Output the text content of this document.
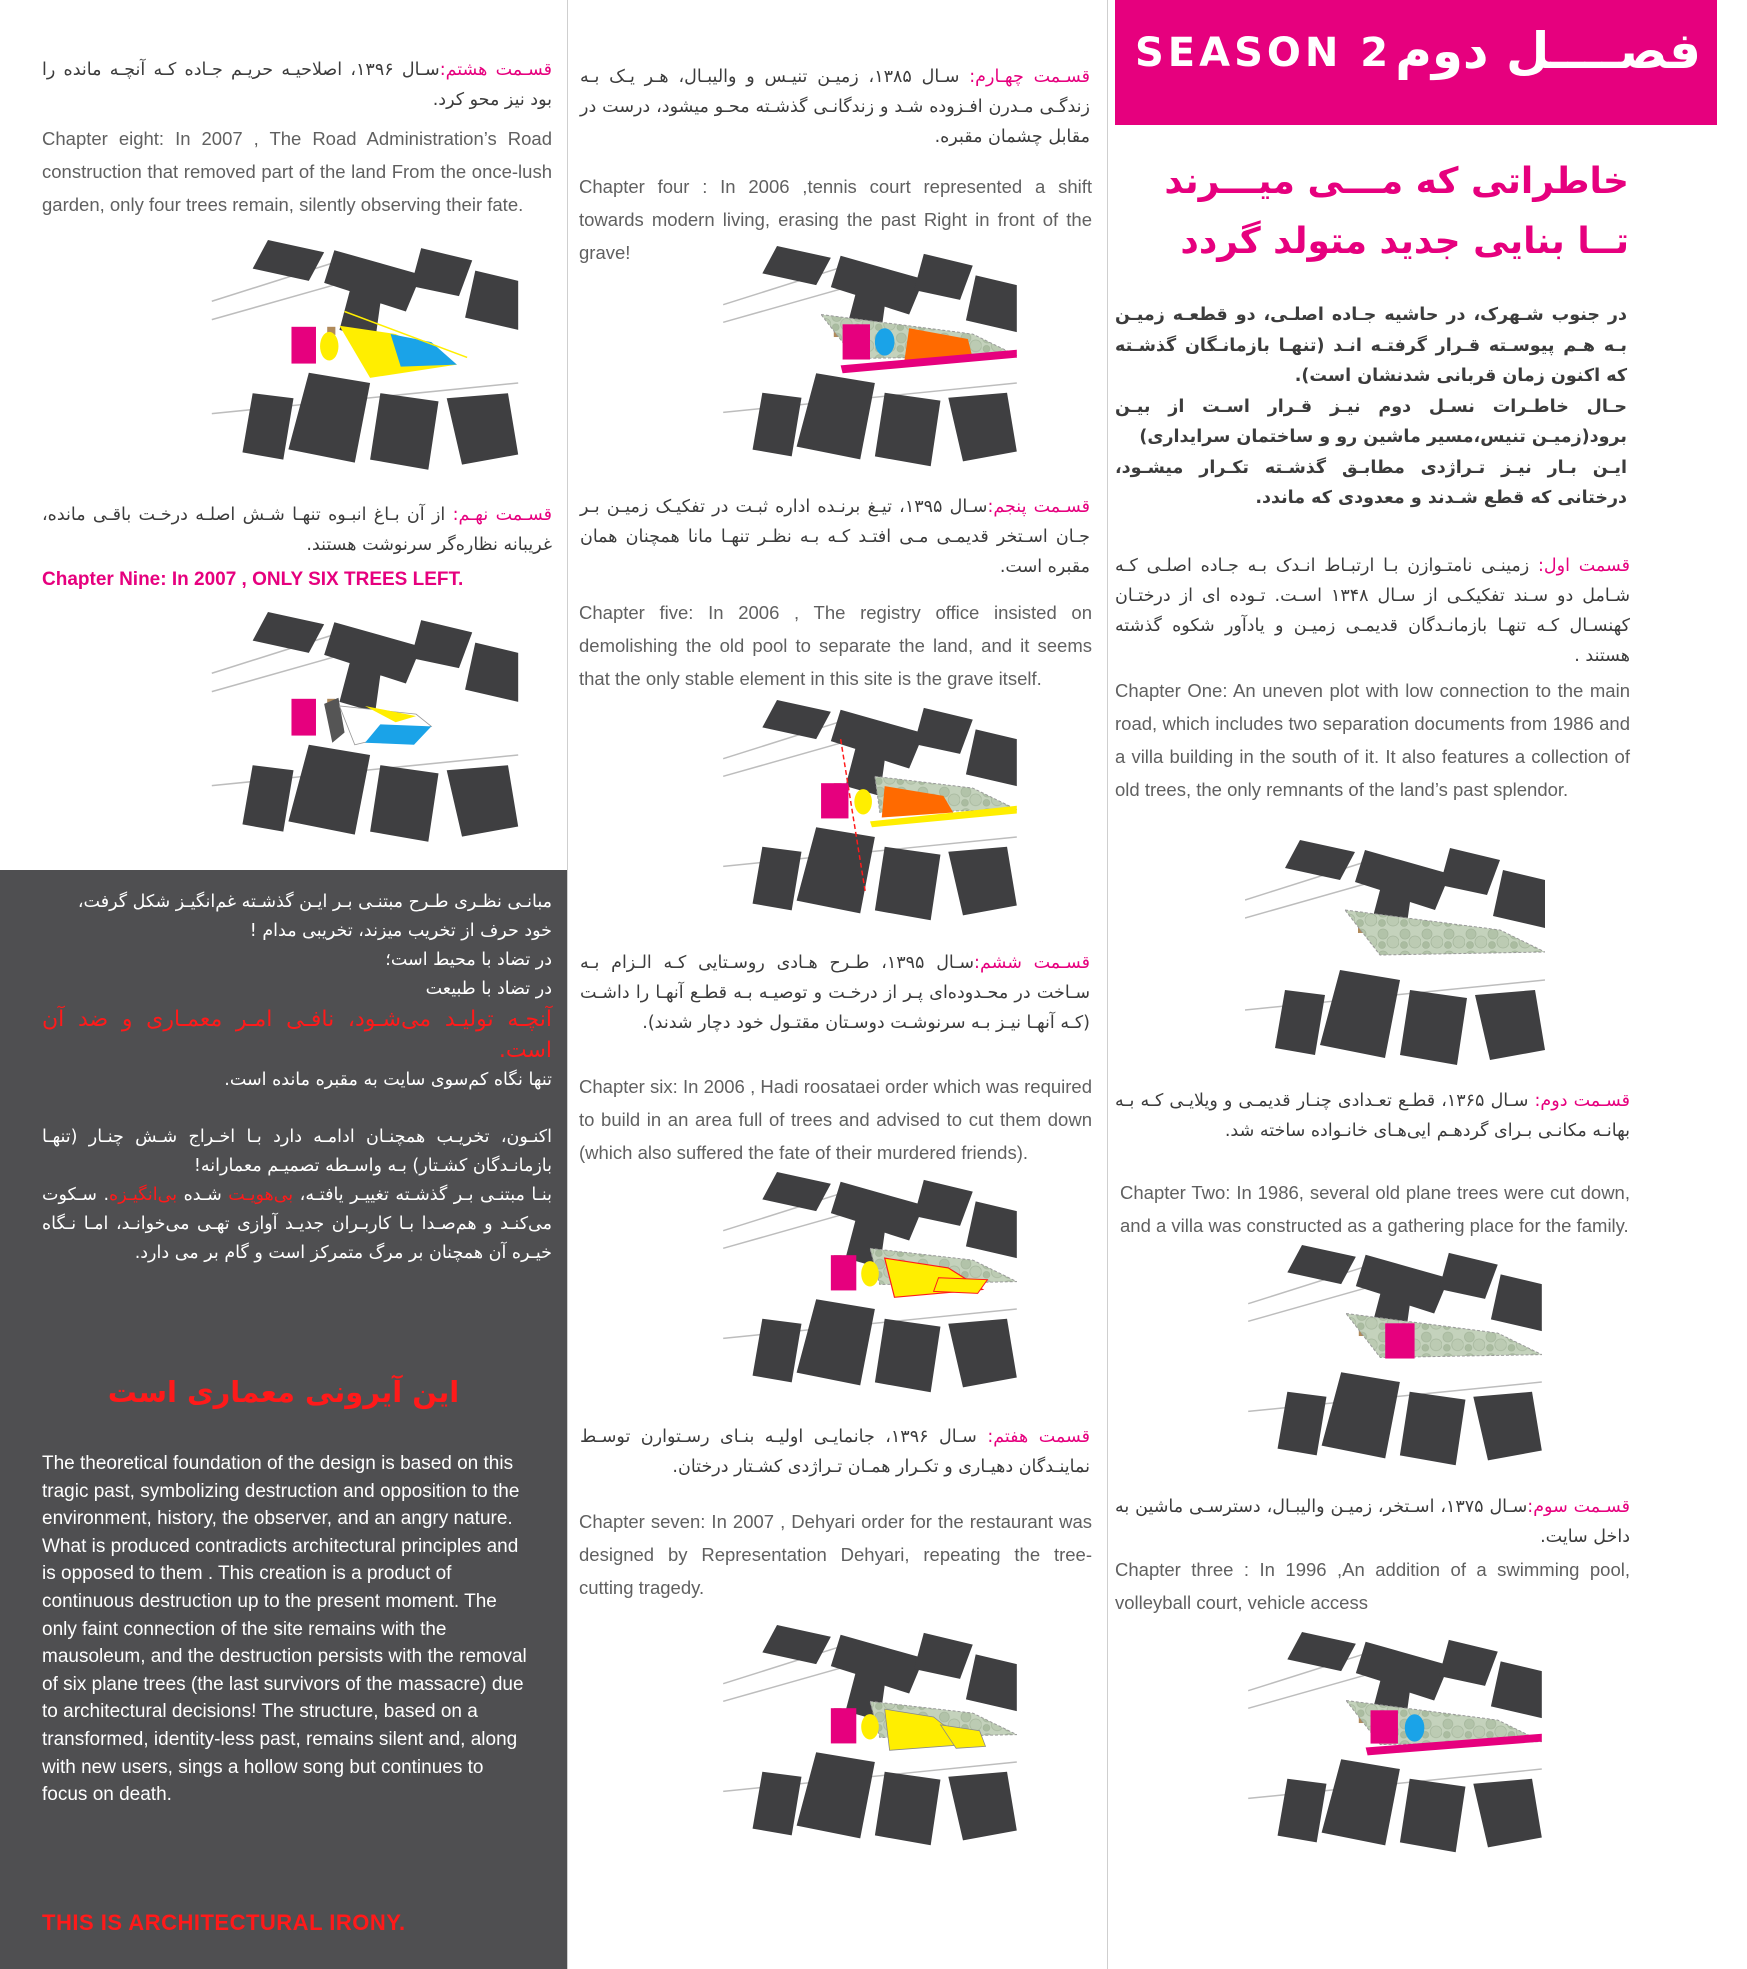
SEASON 2 فصــــل دوم
خاطراتی که مـــی میـــرند
تــا بنایی جدید متولد گردد
در جنوب شـهرک، در حاشیه جـاده اصلـی، دو قطعـه زمیـن بـه هـم پیوسـته قـرار گرفتـه انـد (تنهـا بازمانـگان گذشـته که اکنون زمان قربانی شدنشان است).
حـال خاطـرات نسـل دوم نیـز قـرار اسـت از بیـن برود(زمیـن تنیس،مسیر ماشین رو و ساختمان سرایداری)
ایـن بـار نیـز تـراژدی مطابـق گذشـته تکـرار میشـود، درختانی که قطع شـدند و معدودی که ماندد.
قسمت اول: زمینـی نامتـوازن بـا ارتبـاط انـدک بـه جـاده اصلـی کـه شـامل دو سـند تفکیکـی از سـال ۱۳۴۸ اسـت. تـوده ای از درختـان کهنسـال کـه تنهـا بازمانـدگان قدیمـی زمیـن و یادآور شکوه گذشته هستند .
Chapter One: An uneven plot with low connection to the main road, which includes two separation documents from 1986 and a villa building in the south of it. It also features a collection of old trees, the only remnants of the land’s past splendor.
قسـمت دوم: سـال ۱۳۶۵، قطـع تعـدادی چنـار قدیمـی و ویلایـی کـه بـه بهانـه مکانـی بـرای گردهـم ایی‌هـای خانـواده ساخته شد.
Chapter Two: In 1986, several old plane trees were cut down, and a villa was constructed as a gathering place for the family.
قسـمت سوم:سـال ۱۳۷۵، اسـتخر، زمیـن والیبـال، دسترسـی ماشین به داخل سایت.
Chapter three : In 1996 ,An addition of a swimming pool, volleyball court, vehicle access
قسـمت چهـارم: سـال ۱۳۸۵، زمیـن تنیـس و والیبـال، هـر یـک بـه زندگـی مـدرن افـزوده شـد و زندگانـی گذشـته محـو میشود، درست در مقابل چشمان مقبره.
Chapter four : In 2006 ,tennis court represented a shift towards modern living, erasing the past Right in front of the grave!
قسـمت پنجم:سـال ۱۳۹۵، تیـغ برنـده اداره ثبـت در تفکیـک زمیـن بـر جـان اسـتخر قدیمـی مـی افتـد کـه بـه نظـر تنهـا مانا همچنان همان مقبره است.
Chapter five: In 2006 , The registry office insisted on demolishing the old pool to separate the land, and it seems that the only stable element in this site is the grave itself.
قسـمت ششم:سـال ۱۳۹۵، طـرح هـادی روسـتایی کـه الـزام بـه سـاخت در محـدوده‌ای پـر از درخـت و توصیـه بـه قطـع آنهـا را داشـت (کـه آنهـا نیـز بـه سرنوشـت دوسـتان مقتـول خود دچار شدند).
Chapter six: In 2006 , Hadi roosataei order which was required to build in an area full of trees and advised to cut them down (which also suffered the fate of their murdered friends).
قسمت هفتم: سـال ۱۳۹۶، جانمایـی اولیـه بنـای رسـتوارن توسـط نماینـدگان دهیـاری و تکـرار همـان تـراژدی کشـتار درختان.
Chapter seven: In 2007 , Dehyari order for the restaurant was designed by Representation Dehyari, repeating the tree-cutting tragedy.
قسـمت هشتم:سـال ۱۳۹۶، اصلاحیـه حریـم جـاده کـه آنچـه مانده را بود نیز محو کرد.
Chapter eight: In 2007 , The Road Administration’s Road construction that removed part of the land From the once-lush garden, only four trees remain, silently observing their fate.
قسـمت نهـم: از آن بـاغ انبـوه تنهـا شـش اصلـه درخـت باقـی مانده، غریبانه نظاره‌گر سرنوشت هستند.
Chapter Nine: In 2007 , ONLY SIX TREES LEFT.
مبانـی نظـری طـرح مبتنـی بـر ایـن گذشـته غم‌انگیـز شکل گرفت،
خود حرف از تخریب میزند، تخریبی مدام !
در تضاد با محیط است؛
در تضاد با طبیعت
آنچـه تولیـد می‌شـود، نافـی امـر معمـاری و ضد آن است.
تنها نگاه کم‌سوی سایت به مقبره مانده است.
اکنـون، تخریـب همچنـان ادامـه دارد بـا اخـراج شـش چنـار (تنهـا بازمانـدگان کشـتار) بـه واسـطه تصمیـم معمارانه!
بنـا مبتنـی بـر گذشـته تغییـر یافتـه، بی‌هویـت شـده بی‌انگیـزه. سـکوت می‌کنـد و هم‌صـدا بـا کاربـران جدیـد آوازی تهـی می‌خوانـد، امـا نـگاه خیـره آن همچنان بر مرگ متمرکز است و گام بر می دارد.
این آیرونی معماری است
The theoretical foundation of the design is based on this tragic past, symbolizing destruction and opposition to the environment, history, the observer, and an angry nature. What is produced contradicts architectural principles and is opposed to them . This creation is a product of continuous destruction up to the present moment. The only faint connection of the site remains with the mausoleum, and the destruction persists with the removal of six plane trees (the last survivors of the massacre) due to architectural decisions! The structure, based on a transformed, identity-less past, remains silent and, along with new users, sings a hollow song but continues to focus on death.
THIS IS ARCHITECTURAL IRONY.
